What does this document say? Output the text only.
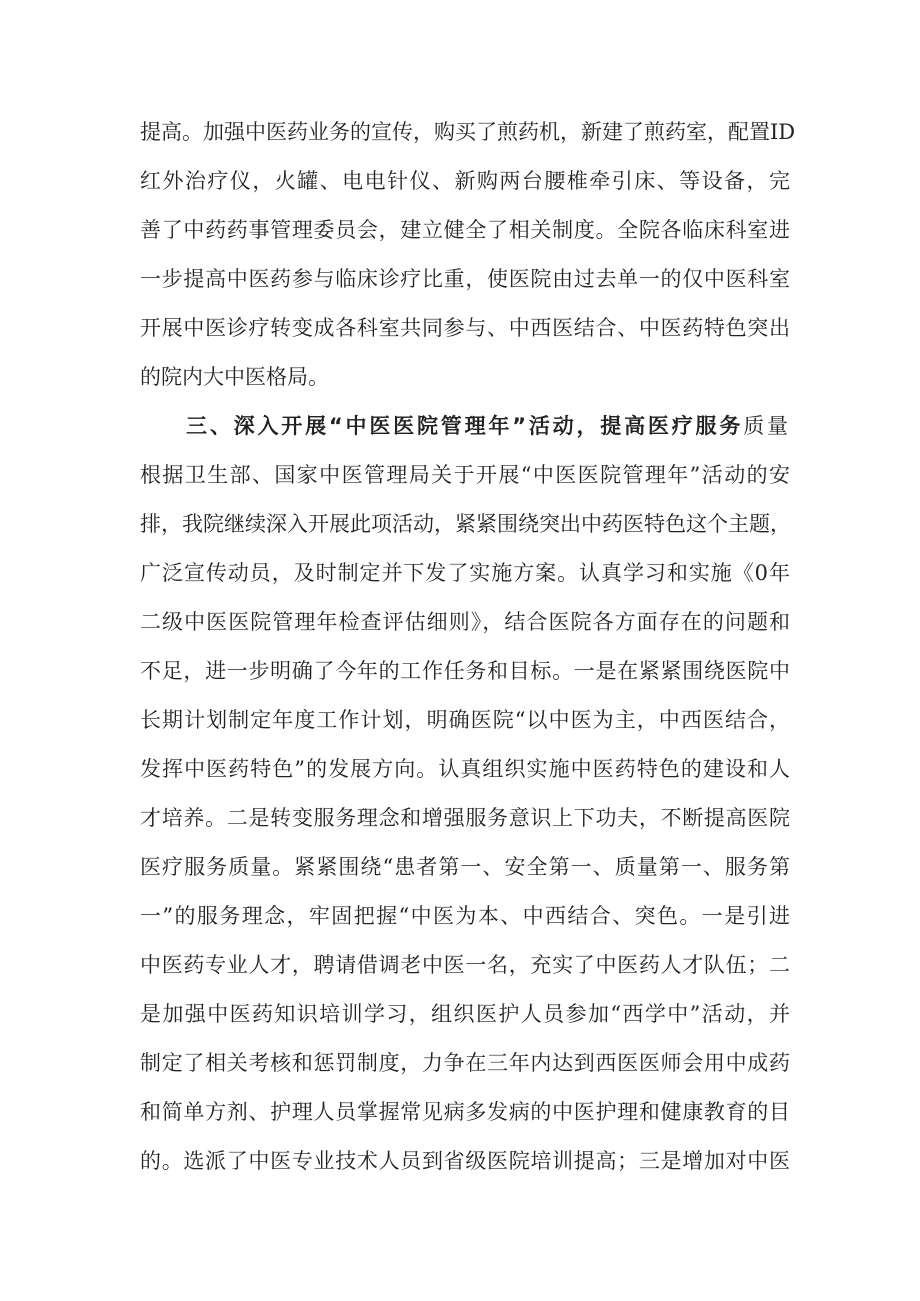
提高。加强中医药业务的宣传，购买了煎药机，新建了煎药室，配置ID
红外治疗仪，火罐、电电针仪、新购两台腰椎牵引床、等设备，完
善了中药药事管理委员会，建立健全了相关制度。全院各临床科室进
一步提高中医药参与临床诊疗比重，使医院由过去单一的仅中医科室
开展中医诊疗转变成各科室共同参与、中西医结合、中医药特色突出
的院内大中医格局。
三、深入开展“中医医院管理年”活动，提高医疗服务质量
根据卫生部、国家中医管理局关于开展“中医医院管理年”活动的安
排，我院继续深入开展此项活动，紧紧围绕突出中药医特色这个主题，
广泛宣传动员，及时制定并下发了实施方案。认真学习和实施《0年
二级中医医院管理年检查评估细则》，结合医院各方面存在的问题和
不足，进一步明确了今年的工作任务和目标。一是在紧紧围绕医院中
长期计划制定年度工作计划，明确医院“以中医为主，中西医结合，
发挥中医药特色”的发展方向。认真组织实施中医药特色的建设和人
才培养。二是转变服务理念和增强服务意识上下功夫，不断提高医院
医疗服务质量。紧紧围绕“患者第一、安全第一、质量第一、服务第
一”的服务理念，牢固把握“中医为本、中西结合、突色。一是引进
中医药专业人才，聘请借调老中医一名，充实了中医药人才队伍；二
是加强中医药知识培训学习，组织医护人员参加“西学中”活动，并
制定了相关考核和惩罚制度，力争在三年内达到西医医师会用中成药
和简单方剂、护理人员掌握常见病多发病的中医护理和健康教育的目
的。选派了中医专业技术人员到省级医院培训提高；三是增加对中医
